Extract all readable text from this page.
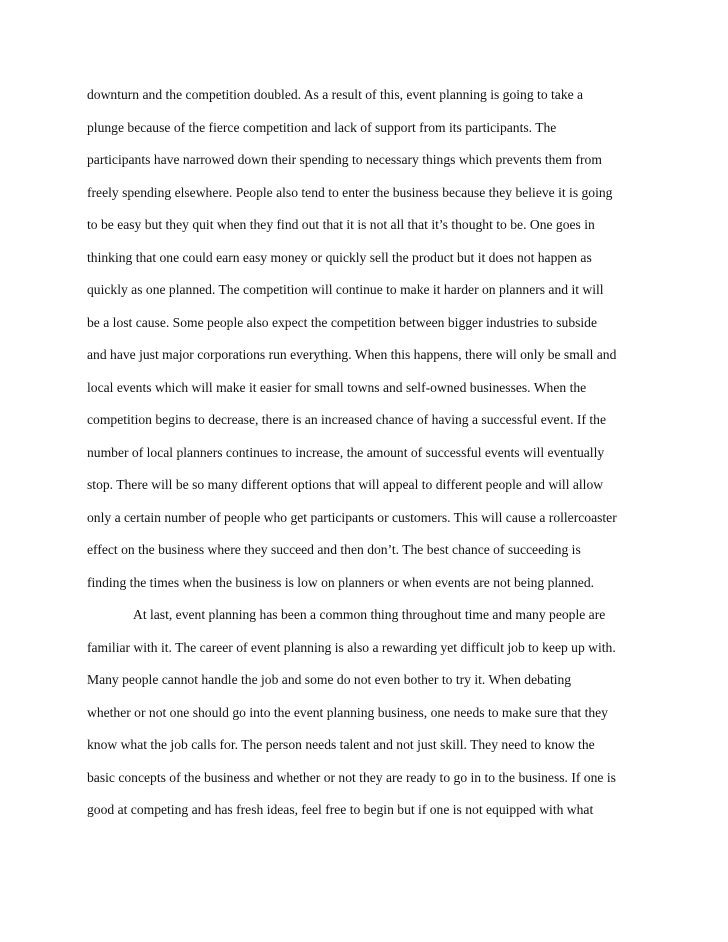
downturn and the competition doubled. As a result of this, event planning is going to take a
plunge because of the fierce competition and lack of support from its participants. The
participants have narrowed down their spending to necessary things which prevents them from
freely spending elsewhere. People also tend to enter the business because they believe it is going
to be easy but they quit when they find out that it is not all that it’s thought to be. One goes in
thinking that one could earn easy money or quickly sell the product but it does not happen as
quickly as one planned. The competition will continue to make it harder on planners and it will
be a lost cause. Some people also expect the competition between bigger industries to subside
and have just major corporations run everything. When this happens, there will only be small and
local events which will make it easier for small towns and self-owned businesses. When the
competition begins to decrease, there is an increased chance of having a successful event. If the
number of local planners continues to increase, the amount of successful events will eventually
stop. There will be so many different options that will appeal to different people and will allow
only a certain number of people who get participants or customers. This will cause a rollercoaster
effect on the business where they succeed and then don’t. The best chance of succeeding is
finding the times when the business is low on planners or when events are not being planned.
At last, event planning has been a common thing throughout time and many people are
familiar with it. The career of event planning is also a rewarding yet difficult job to keep up with.
Many people cannot handle the job and some do not even bother to try it. When debating
whether or not one should go into the event planning business, one needs to make sure that they
know what the job calls for. The person needs talent and not just skill. They need to know the
basic concepts of the business and whether or not they are ready to go in to the business. If one is
good at competing and has fresh ideas, feel free to begin but if one is not equipped with what
